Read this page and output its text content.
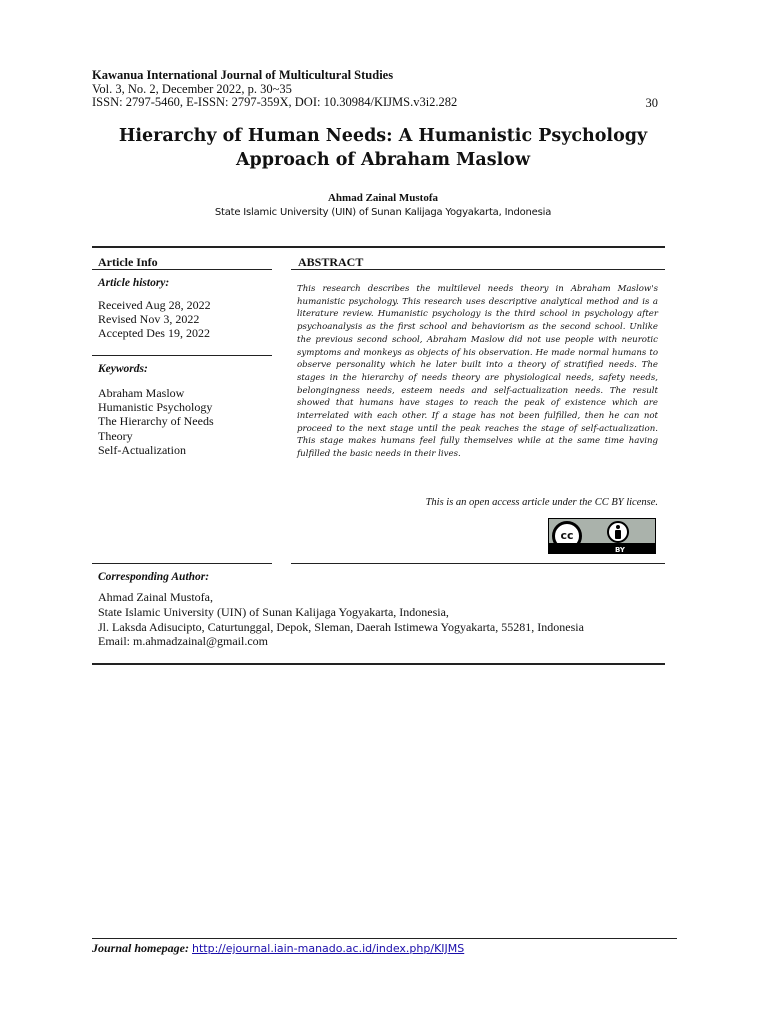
Kawanua International Journal of Multicultural Studies
Vol. 3, No. 2, December 2022, p. 30~35
ISSN: 2797-5460, E-ISSN: 2797-359X, DOI: 10.30984/KIJMS.v3i2.282	30
Hierarchy of Human Needs: A Humanistic Psychology
Approach of Abraham Maslow
Ahmad Zainal Mustofa
State Islamic University (UIN) of Sunan Kalijaga Yogyakarta, Indonesia
Article Info
Article history:
Received Aug 28, 2022
Revised Nov 3, 2022
Accepted Des 19, 2022
Keywords:
Abraham Maslow
Humanistic Psychology
The Hierarchy of Needs
Theory
Self-Actualization
ABSTRACT
This research describes the multilevel needs theory in Abraham Maslow's humanistic psychology. This research uses descriptive analytical method and is a literature review. Humanistic psychology is the third school in psychology after psychoanalysis as the first school and behaviorism as the second school. Unlike the previous second school, Abraham Maslow did not use people with neurotic symptoms and monkeys as objects of his observation. He made normal humans to observe personality which he later built into a theory of stratified needs. The stages in the hierarchy of needs theory are physiological needs, safety needs, belongingness needs, esteem needs and self-actualization needs. The result showed that humans have stages to reach the peak of existence which are interrelated with each other. If a stage has not been fulfilled, then he can not proceed to the next stage until the peak reaches the stage of self-actualization. This stage makes humans feel fully themselves while at the same time having fulfilled the basic needs in their lives.
This is an open access article under the CC BY license.
cc
BY
Corresponding Author:
Ahmad Zainal Mustofa,
State Islamic University (UIN) of Sunan Kalijaga Yogyakarta, Indonesia,
Jl. Laksda Adisucipto, Caturtunggal, Depok, Sleman, Daerah Istimewa Yogyakarta, 55281, Indonesia
Email: m.ahmadzainal@gmail.com
Journal homepage: http://ejournal.iain-manado.ac.id/index.php/KIJMS
